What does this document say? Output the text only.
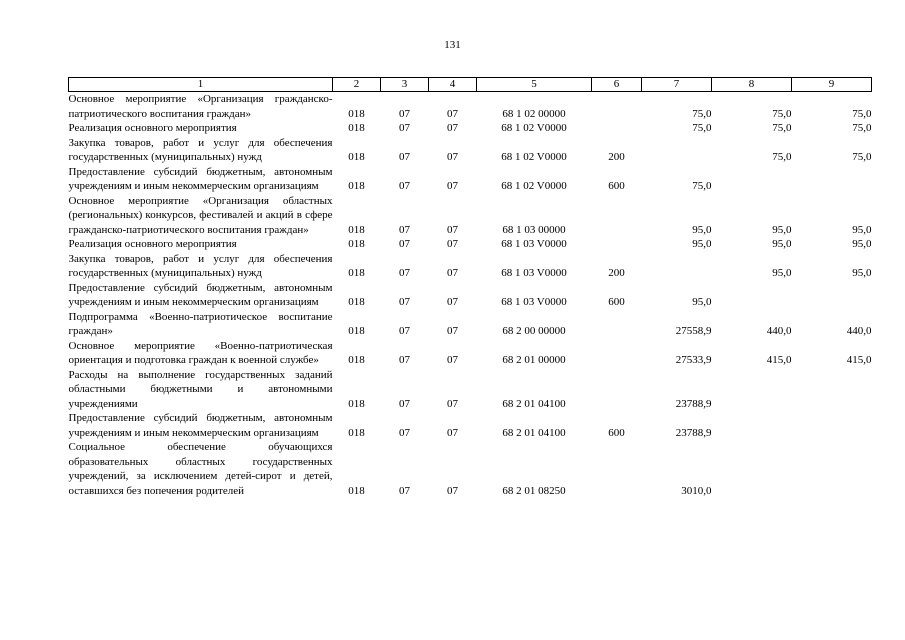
131
1	2	3	4	5	6	7	8	9
Основное мероприятие «Организация гражданско-патриотического воспитания граждан»	018	07	07	68 1 02 00000		75,0	75,0	75,0
Реализация основного мероприятия	018	07	07	68 1 02 V0000		75,0	75,0	75,0
Закупка товаров, работ и услуг для обеспечения государственных (муниципальных) нужд	018	07	07	68 1 02 V0000	200		75,0	75,0
Предоставление субсидий бюджетным, автономным учреждениям и иным некоммерческим организациям	018	07	07	68 1 02 V0000	600	75,0		
Основное мероприятие «Организация областных (региональных) конкурсов, фестивалей и акций в сфере гражданско-патриотического воспитания граждан»	018	07	07	68 1 03 00000		95,0	95,0	95,0
Реализация основного мероприятия	018	07	07	68 1 03 V0000		95,0	95,0	95,0
Закупка товаров, работ и услуг для обеспечения государственных (муниципальных) нужд	018	07	07	68 1 03 V0000	200		95,0	95,0
Предоставление субсидий бюджетным, автономным учреждениям и иным некоммерческим организациям	018	07	07	68 1 03 V0000	600	95,0		
Подпрограмма «Военно-патриотическое воспитание граждан»	018	07	07	68 2 00 00000		27558,9	440,0	440,0
Основное мероприятие «Военно-патриотическая ориентация и подготовка граждан к военной службе»	018	07	07	68 2 01 00000		27533,9	415,0	415,0
Расходы на выполнение государственных заданий областными бюджетными и автономными учреждениями	018	07	07	68 2 01 04100		23788,9		
Предоставление субсидий бюджетным, автономным учреждениям и иным некоммерческим организациям	018	07	07	68 2 01 04100	600	23788,9		
Социальное обеспечение обучающихся образовательных областных государственных учреждений, за исключением детей-сирот и детей, оставшихся без попечения родителей	018	07	07	68 2 01 08250		3010,0		
